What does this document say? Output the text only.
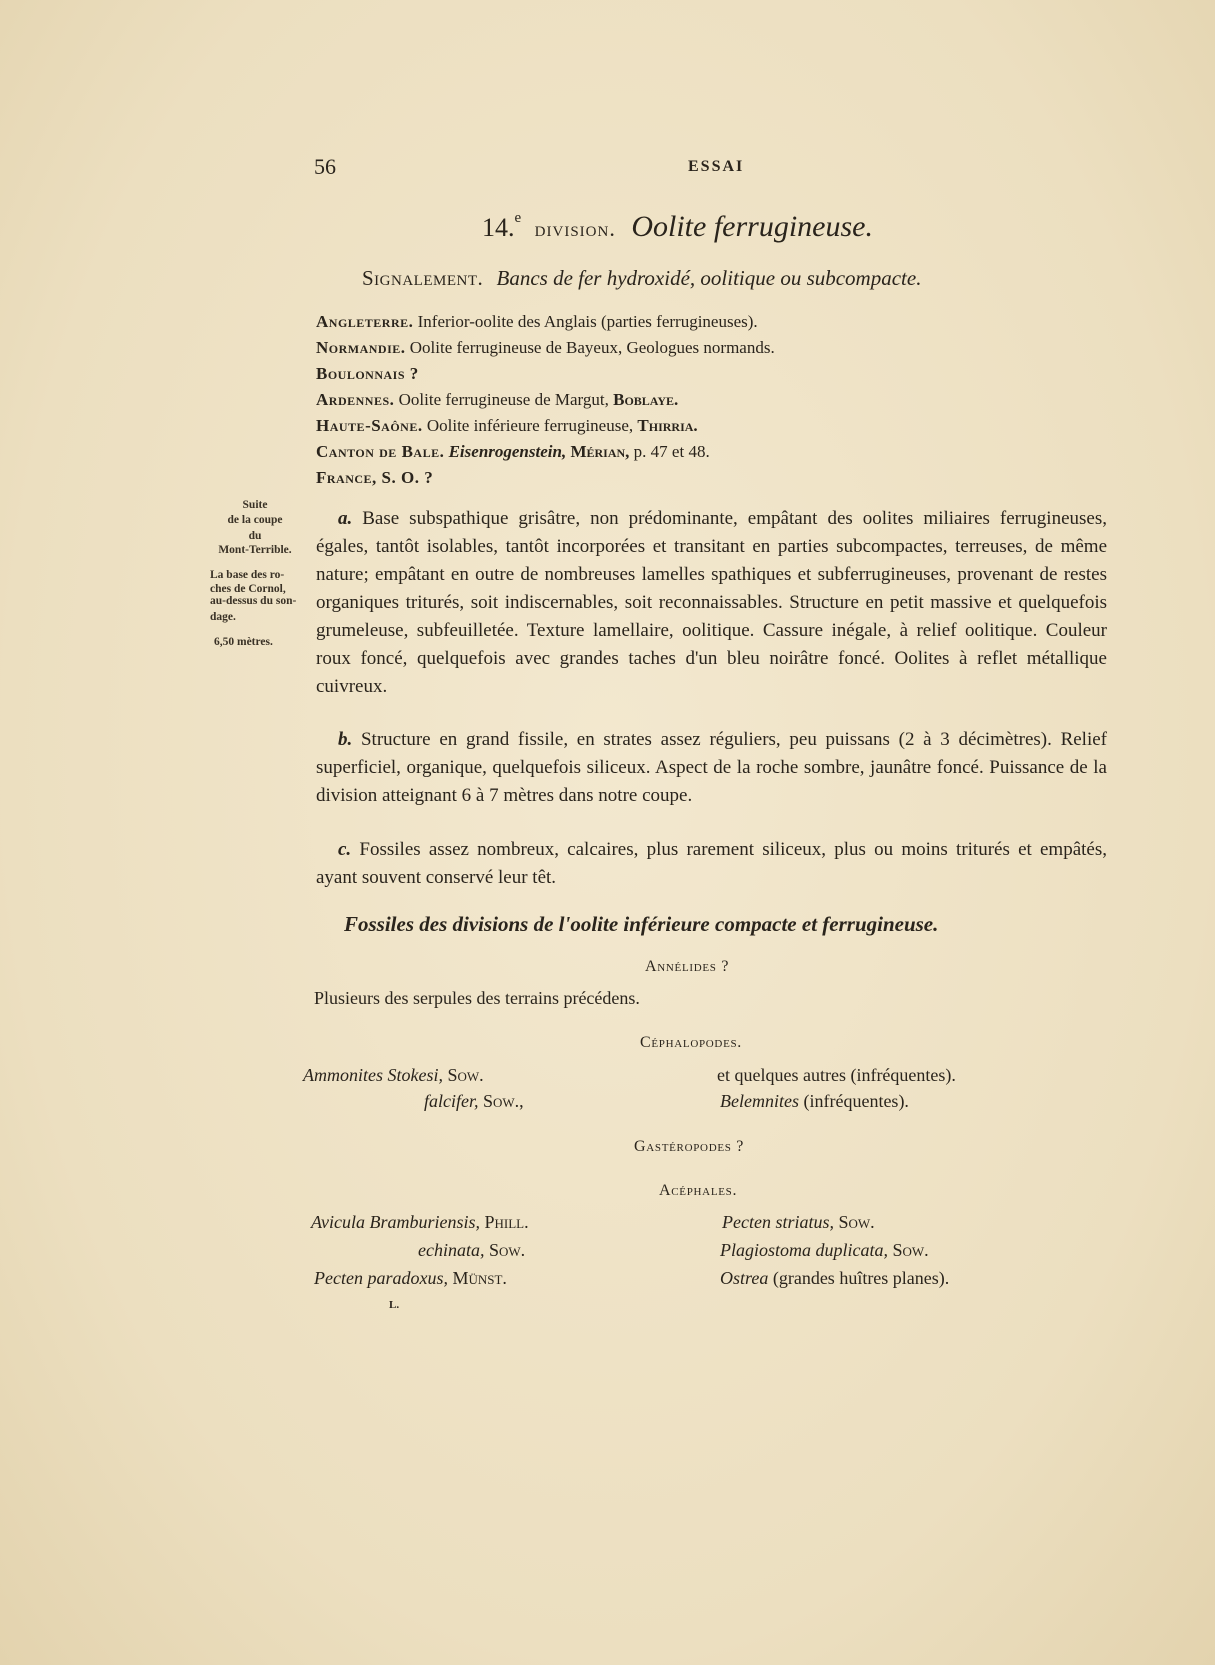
56	ESSAI
14.$^e$ division. Oolite ferrugineuse.
Signalement. Bancs de fer hydroxidé, oolitique ou subcompacte.
Angleterre. Inferior-oolite des Anglais (parties ferrugineuses).
Normandie. Oolite ferrugineuse de Bayeux, Geologues normands.
Boulonnais ?
Ardennes. Oolite ferrugineuse de Margut, Boblaye.
Haute-Saône. Oolite inférieure ferrugineuse, Thirria.
Canton de Bale. Eisenrogenstein, Mérian, p. 47 et 48.
France, S. O. ?
Suite
de la coupe
du
Mont-Terrible.
La base des ro-
ches de Cornol,
au-dessus du son-
dage.
6,50 mètres.
a. Base subspathique grisâtre, non prédominante, empâtant des oolites miliaires ferrugineuses, égales, tantôt isolables, tantôt incorporées et transitant en parties subcompactes, terreuses, de même nature; empâtant en outre de nombreuses lamelles spathiques et subferrugineuses, provenant de restes organiques triturés, soit indiscernables, soit reconnaissables. Structure en petit massive et quelquefois grumeleuse, subfeuilletée. Texture lamellaire, oolitique. Cassure inégale, à relief oolitique. Couleur roux foncé, quelquefois avec grandes taches d'un bleu noirâtre foncé. Oolites à reflet métallique cuivreux.
b. Structure en grand fissile, en strates assez réguliers, peu puissans (2 à 3 décimètres). Relief superficiel, organique, quelquefois siliceux. Aspect de la roche sombre, jaunâtre foncé. Puissance de la division atteignant 6 à 7 mètres dans notre coupe.
c. Fossiles assez nombreux, calcaires, plus rarement siliceux, plus ou moins triturés et empâtés, ayant souvent conservé leur têt.
Fossiles des divisions de l'oolite inférieure compacte et ferrugineuse.
Annélides ?
Plusieurs des serpules des terrains précédens.
Céphalopodes.
Ammonites Stokesi, Sow.
falcifer, Sow.,
et quelques autres (infréquentes).
Belemnites (infréquentes).
Gastéropodes ?
Acéphales.
Avicula Bramburiensis, Phill.
echinata, Sow.
Pecten paradoxus, Münst.
Pecten striatus, Sow.
Plagiostoma duplicata, Sow.
Ostrea (grandes huîtres planes).
L.
